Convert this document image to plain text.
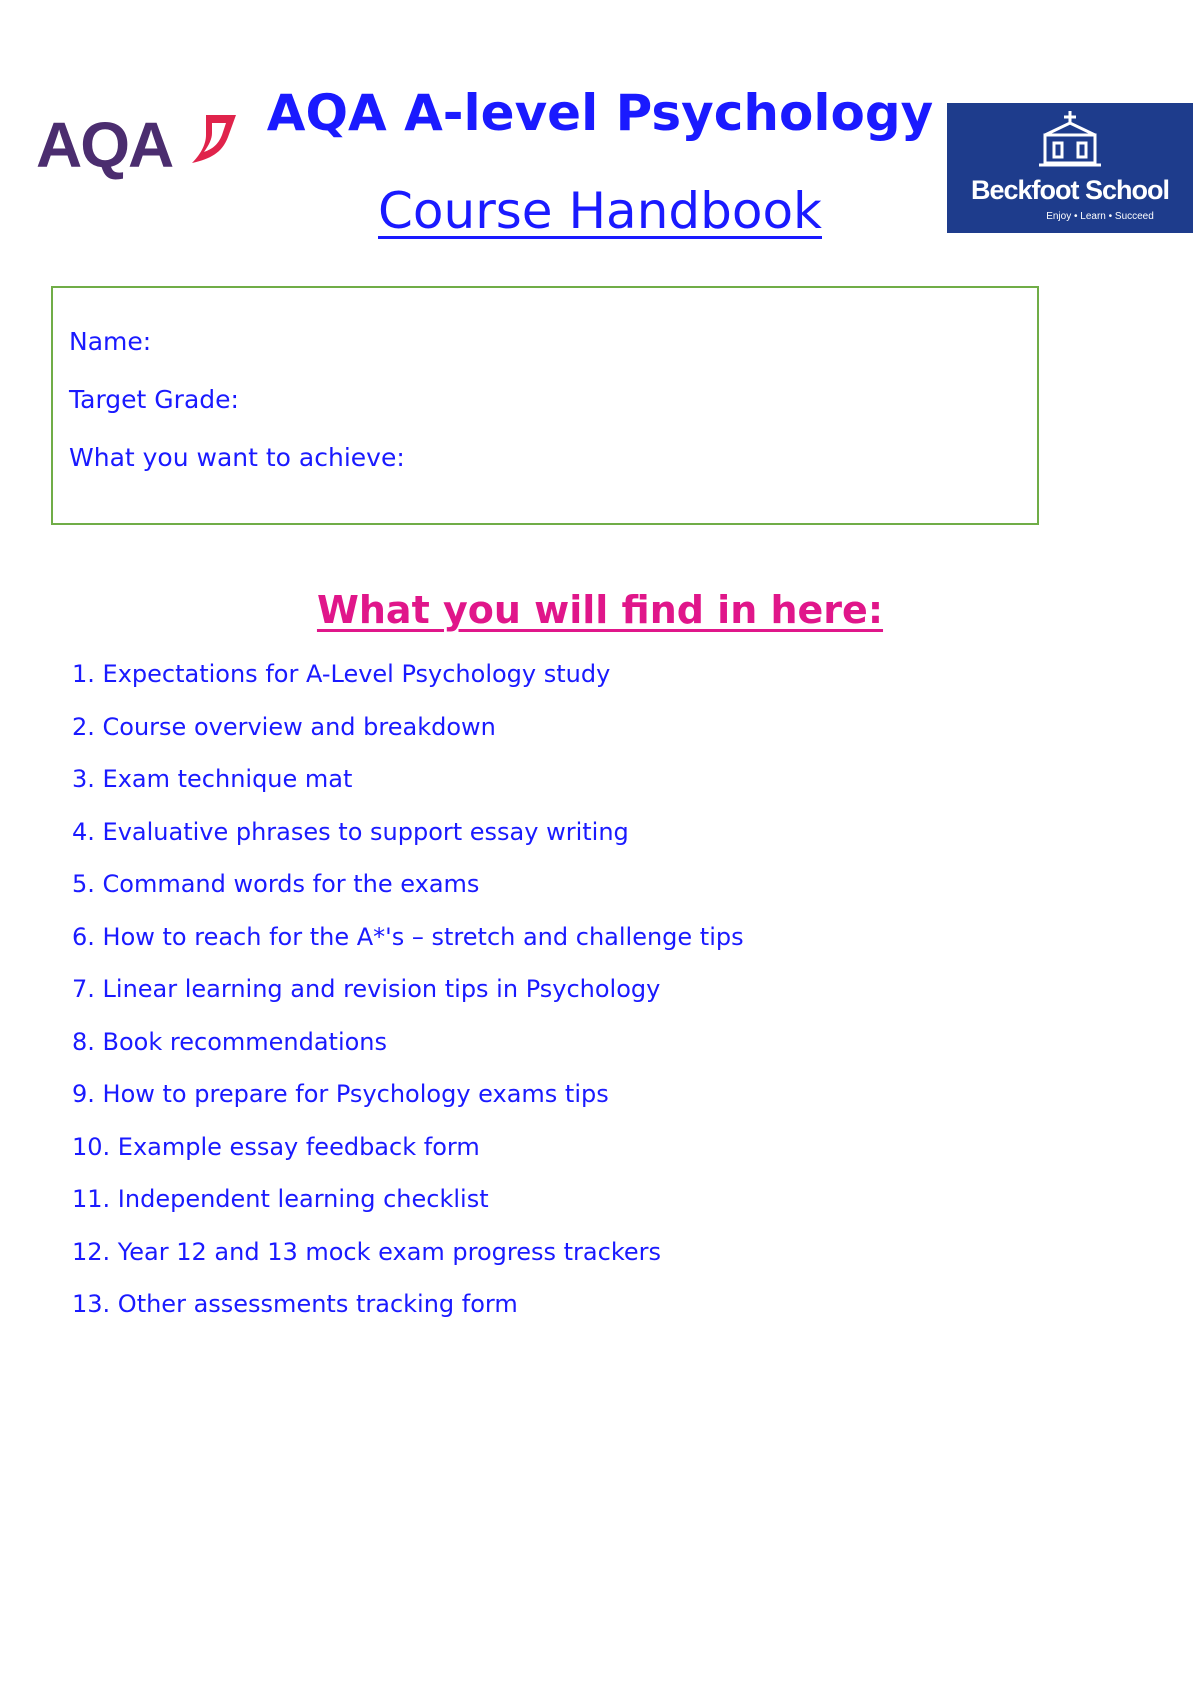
AQA AQA A-level Psychology
Course Handbook	Beckfoot School
Enjoy • Learn • Succeed
Name:
Target Grade:
What you want to achieve:
What you will find in here:
1. Expectations for A-Level Psychology study
2. Course overview and breakdown
3. Exam technique mat
4. Evaluative phrases to support essay writing
5. Command words for the exams
6. How to reach for the A*'s – stretch and challenge tips
7. Linear learning and revision tips in Psychology
8. Book recommendations
9. How to prepare for Psychology exams tips
10. Example essay feedback form
11. Independent learning checklist
12. Year 12 and 13 mock exam progress trackers
13. Other assessments tracking form
